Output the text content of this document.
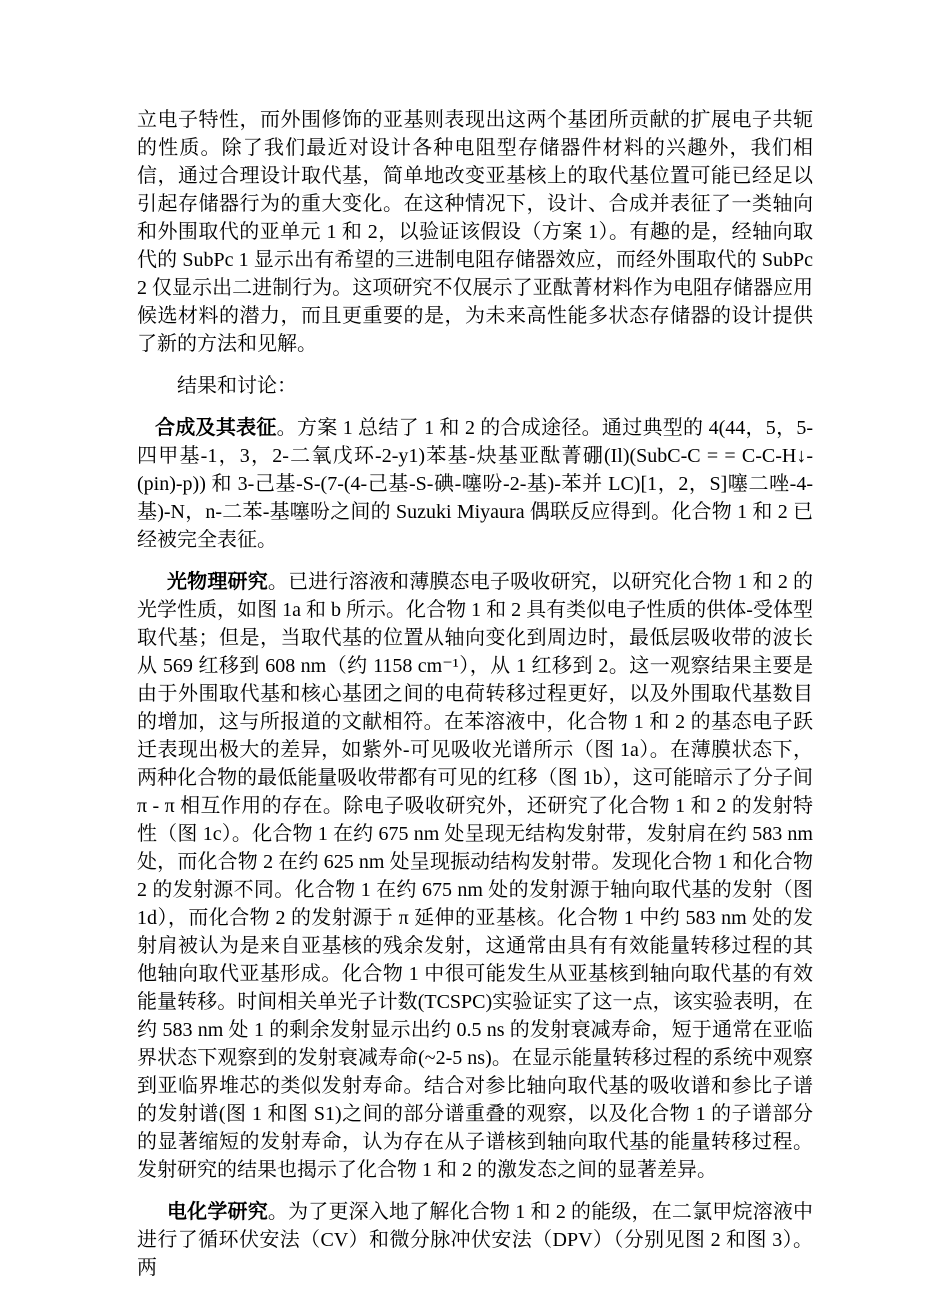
立电子特性，而外围修饰的亚基则表现出这两个基团所贡献的扩展电子共轭的性质。除了我们最近对设计各种电阻型存储器件材料的兴趣外，我们相信，通过合理设计取代基，简单地改变亚基核上的取代基位置可能已经足以引起存储器行为的重大变化。在这种情况下，设计、合成并表征了一类轴向和外围取代的亚单元 1 和 2，以验证该假设（方案 1）。有趣的是，经轴向取代的 SubPc 1 显示出有希望的三进制电阻存储器效应，而经外围取代的 SubPc 2 仅显示出二进制行为。这项研究不仅展示了亚酞菁材料作为电阻存储器应用候选材料的潜力，而且更重要的是，为未来高性能多状态存储器的设计提供了新的方法和见解。

结果和讨论：

合成及其表征。方案 1 总结了 1 和 2 的合成途径。通过典型的 4(44，5，5-四甲基-1，3，2-二氧戊环-2-y1)苯基-炔基亚酞菁硼(Il)(SubC-C = = C-C-H↓-(pin)-p)) 和 3-己基-S-(7-(4-己基-S-碘-噻吩-2-基)-苯并 LC)[1，2，S]噻二唑-4-基)-N，n-二苯-基噻吩之间的 Suzuki Miyaura 偶联反应得到。化合物 1 和 2 已经被完全表征。

光物理研究。已进行溶液和薄膜态电子吸收研究，以研究化合物 1 和 2 的光学性质，如图 1a 和 b 所示。化合物 1 和 2 具有类似电子性质的供体-受体型取代基；但是，当取代基的位置从轴向变化到周边时，最低层吸收带的波长从 569 红移到 608 nm（约 1158 cm⁻¹），从 1 红移到 2。这一观察结果主要是由于外围取代基和核心基团之间的电荷转移过程更好，以及外围取代基数目的增加，这与所报道的文献相符。在苯溶液中，化合物 1 和 2 的基态电子跃迁表现出极大的差异，如紫外-可见吸收光谱所示（图 1a）。在薄膜状态下，两种化合物的最低能量吸收带都有可见的红移（图 1b），这可能暗示了分子间 π - π 相互作用的存在。除电子吸收研究外，还研究了化合物 1 和 2 的发射特性（图 1c）。化合物 1 在约 675 nm 处呈现无结构发射带，发射肩在约 583 nm 处，而化合物 2 在约 625 nm 处呈现振动结构发射带。发现化合物 1 和化合物 2 的发射源不同。化合物 1 在约 675 nm 处的发射源于轴向取代基的发射（图 1d），而化合物 2 的发射源于 π 延伸的亚基核。化合物 1 中约 583 nm 处的发射肩被认为是来自亚基核的残余发射，这通常由具有有效能量转移过程的其他轴向取代亚基形成。化合物 1 中很可能发生从亚基核到轴向取代基的有效能量转移。时间相关单光子计数(TCSPC)实验证实了这一点，该实验表明，在约 583 nm 处 1 的剩余发射显示出约 0.5 ns 的发射衰减寿命，短于通常在亚临界状态下观察到的发射衰减寿命(~2-5 ns)。在显示能量转移过程的系统中观察到亚临界堆芯的类似发射寿命。结合对参比轴向取代基的吸收谱和参比子谱的发射谱(图 1 和图 S1)之间的部分谱重叠的观察，以及化合物 1 的子谱部分的显著缩短的发射寿命，认为存在从子谱核到轴向取代基的能量转移过程。发射研究的结果也揭示了化合物 1 和 2 的激发态之间的显著差异。

电化学研究。为了更深入地了解化合物 1 和 2 的能级，在二氯甲烷溶液中进行了循环伏安法（CV）和微分脉冲伏安法（DPV）（分别见图 2 和图 3）。两
